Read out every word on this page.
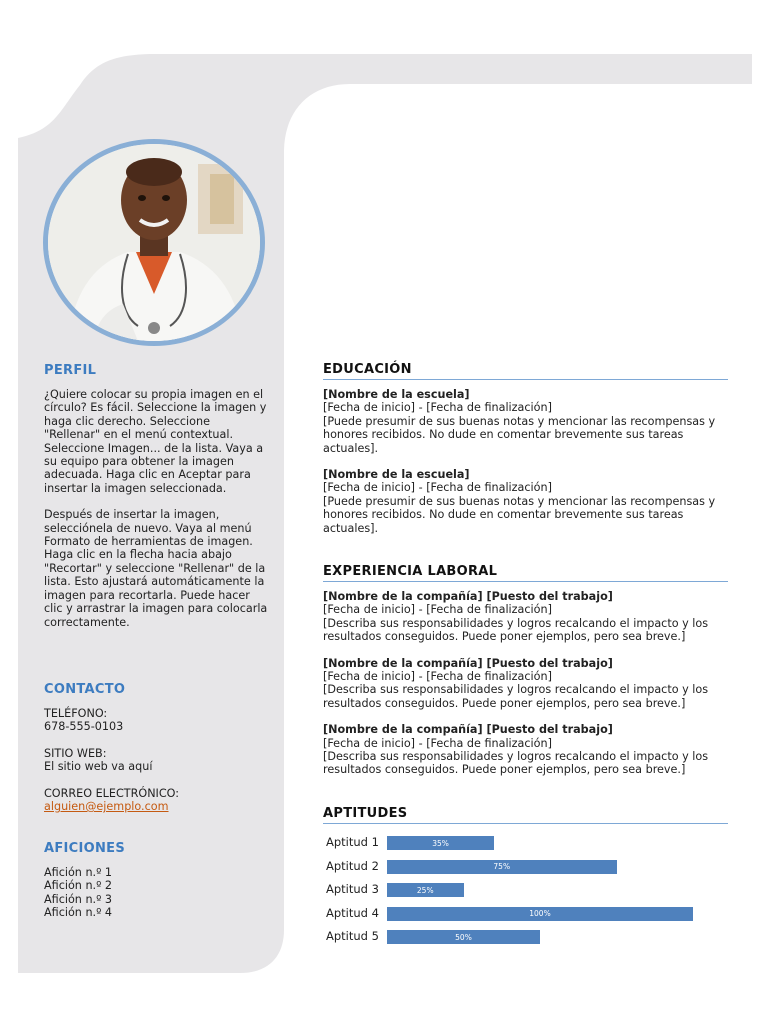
PERFIL

¿Quiere colocar su propia imagen en el círculo? Es fácil. Seleccione la imagen y haga clic derecho. Seleccione "Rellenar" en el menú contextual. Seleccione Imagen... de la lista. Vaya a su equipo para obtener la imagen adecuada. Haga clic en Aceptar para insertar la imagen seleccionada.

Después de insertar la imagen, selecciónela de nuevo. Vaya al menú Formato de herramientas de imagen. Haga clic en la flecha hacia abajo "Recortar" y seleccione "Rellenar" de la lista. Esto ajustará automáticamente la imagen para recortarla. Puede hacer clic y arrastrar la imagen para colocarla correctamente.

CONTACTO
TELÉFONO:
678-555-0103
SITIO WEB:
El sitio web va aquí
CORREO ELECTRÓNICO:
alguien@ejemplo.com
AFICIONES
Afición n.º 1
Afición n.º 2
Afición n.º 3
Afición n.º 4
EDUCACIÓN
[Nombre de la escuela]
[Fecha de inicio] - [Fecha de finalización]
[Puede presumir de sus buenas notas y mencionar las recompensas y honores recibidos. No dude en comentar brevemente sus tareas actuales].
[Nombre de la escuela]
[Fecha de inicio] - [Fecha de finalización]
[Puede presumir de sus buenas notas y mencionar las recompensas y honores recibidos. No dude en comentar brevemente sus tareas actuales].
EXPERIENCIA LABORAL
[Nombre de la compañía] [Puesto del trabajo]
[Fecha de inicio] - [Fecha de finalización]
[Describa sus responsabilidades y logros recalcando el impacto y los resultados conseguidos. Puede poner ejemplos, pero sea breve.]
[Nombre de la compañía] [Puesto del trabajo]
[Fecha de inicio] - [Fecha de finalización]
[Describa sus responsabilidades y logros recalcando el impacto y los resultados conseguidos. Puede poner ejemplos, pero sea breve.]
[Nombre de la compañía] [Puesto del trabajo]
[Fecha de inicio] - [Fecha de finalización]
[Describa sus responsabilidades y logros recalcando el impacto y los resultados conseguidos. Puede poner ejemplos, pero sea breve.]
APTITUDES
Aptitud 1	35%
Aptitud 2	75%
Aptitud 3	25%
Aptitud 4	100%
Aptitud 5	50%
